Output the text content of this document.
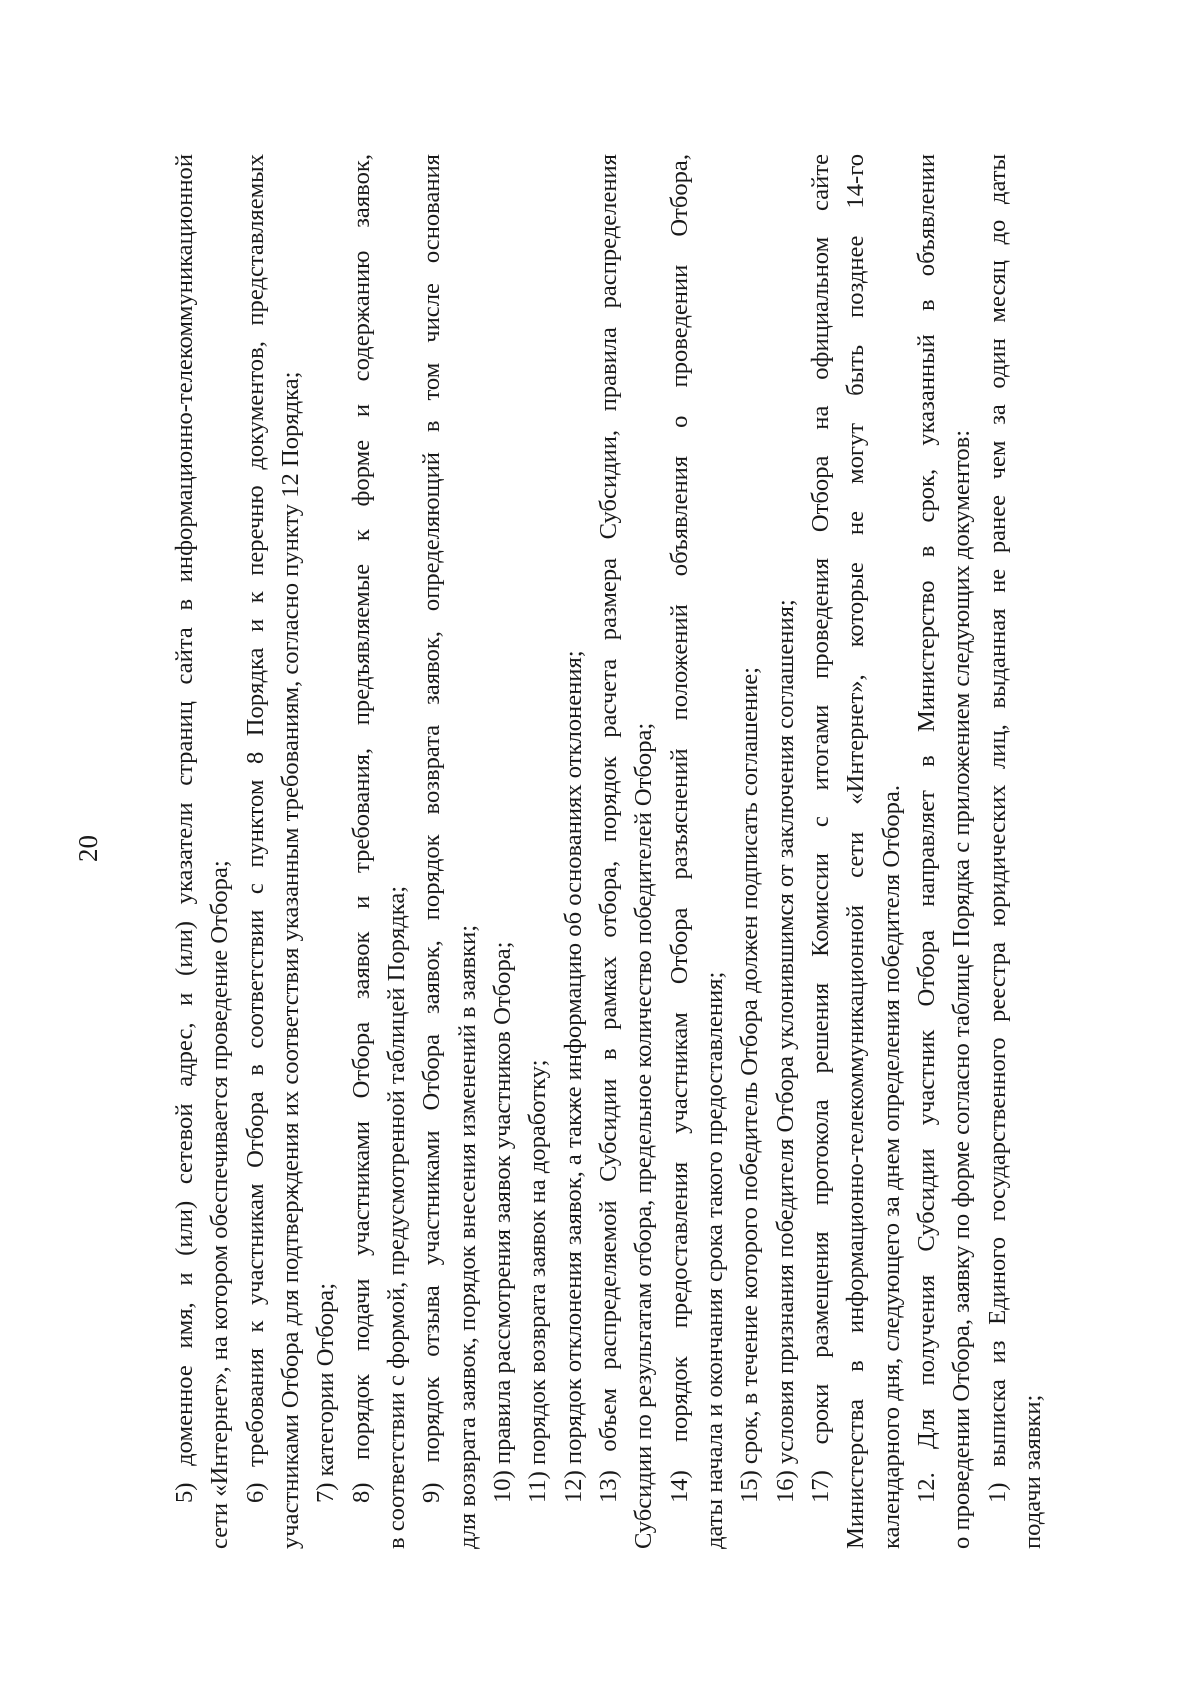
20	5) доменное имя, и (или) сетевой адрес, и (или) указатели страниц сайта в информационно-телекоммуникационной сети «Интернет», на котором обеспечивается проведение Отбора; 6) требования к участникам Отбора в соответствии с пунктом 8 Порядка и к перечню документов, представляемых участниками Отбора для подтверждения их соответствия указанным требованиям, согласно пункту 12 Порядка; 7) категории Отбора; 8) порядок подачи участниками Отбора заявок и требования, предъявляемые к форме и содержанию заявок, в соответствии с формой, предусмотренной таблицей Порядка; 9) порядок отзыва участниками Отбора заявок, порядок возврата заявок, определяющий в том числе основания для возврата заявок, порядок внесения изменений в заявки; 10) правила рассмотрения заявок участников Отбора; 11) порядок возврата заявок на доработку; 12) порядок отклонения заявок, а также информацию об основаниях отклонения; 13) объем распределяемой Субсидии в рамках отбора, порядок расчета размера Субсидии, правила распределения Субсидии по результатам отбора, предельное количество победителей Отбора; 14) порядок предоставления участникам Отбора разъяснений положений объявления о проведении Отбора, даты начала и окончания срока такого предоставления; 15) срок, в течение которого победитель Отбора должен подписать соглашение; 16) условия признания победителя Отбора уклонившимся от заключения соглашения; 17) сроки размещения протокола решения Комиссии с итогами проведения Отбора на официальном сайте Министерства в информационно-телекоммуникационной сети «Интернет», которые не могут быть позднее 14-го календарного дня, следующего за днем определения победителя Отбора. 12. Для получения Субсидии участник Отбора направляет в Министерство в срок, указанный в объявлении о проведении Отбора, заявку по форме согласно таблице Порядка с приложением следующих документов: 1) выписка из Единого государственного реестра юридических лиц, выданная не ранее чем за один месяц до даты подачи заявки;
